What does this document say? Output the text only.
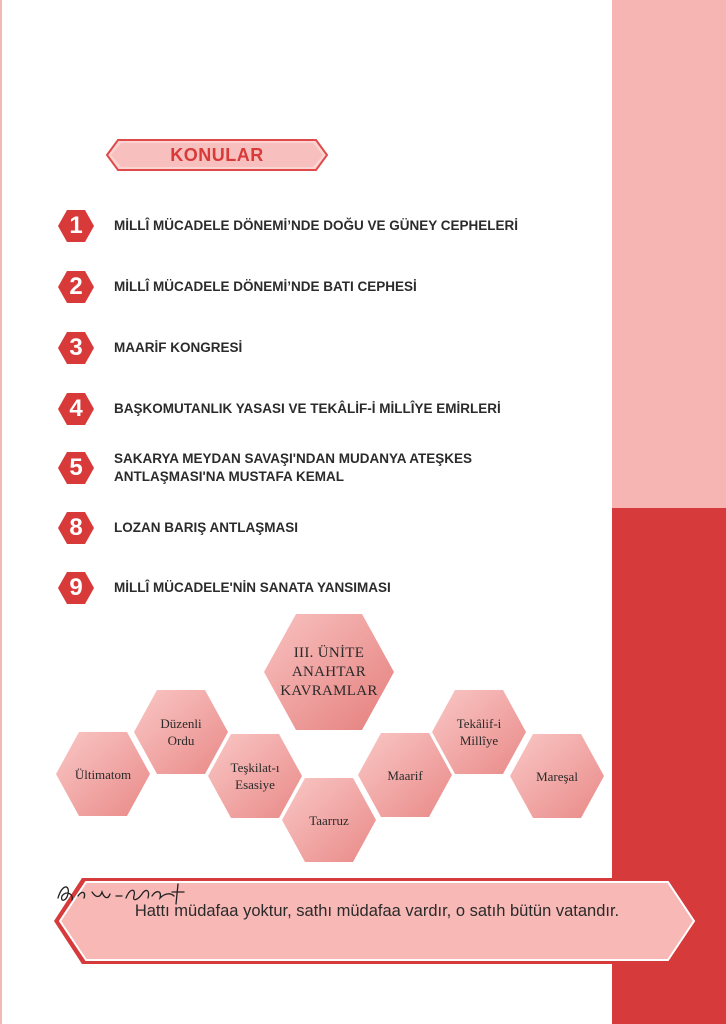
KONULAR
1	MİLLÎ MÜCADELE DÖNEMİ’NDE DOĞU VE GÜNEY CEPHELERİ
2	MİLLÎ MÜCADELE DÖNEMİ’NDE BATI CEPHESİ
3	MAARİF KONGRESİ
4	BAŞKOMUTANLIK YASASI VE TEKÂLİF-İ MİLLÎYE EMİRLERİ
5	SAKARYA MEYDAN SAVAŞI'NDAN MUDANYA ATEŞKES ANTLAŞMASI'NA MUSTAFA KEMAL
8	LOZAN BARIŞ ANTLAŞMASI
9	MİLLÎ MÜCADELE'NİN SANATA YANSIMASI
III. ÜNİTE
ANAHTAR
KAVRAMLAR
Düzenli
Ordu
Ültimatom	Teşkilat-ı
Esasiye
Taarruz
Maarif
Tekâlif-i
Millîye
Mareşal
Hattı müdafaa yoktur, sathı müdafaa vardır, o satıh bütün vatandır.
